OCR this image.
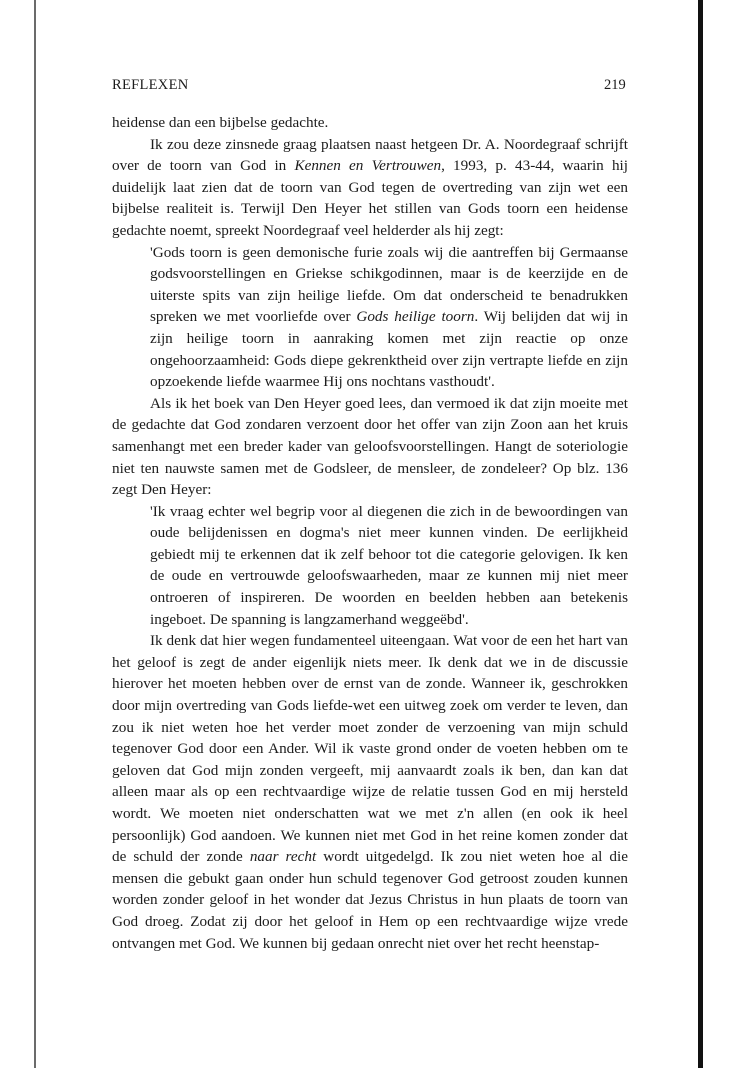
REFLEXEN	219

heidense dan een bijbelse gedachte.

Ik zou deze zinsnede graag plaatsen naast hetgeen Dr. A. Noordegraaf schrijft over de toorn van God in Kennen en Vertrouwen, 1993, p. 43-44, waarin hij duidelijk laat zien dat de toorn van God tegen de overtreding van zijn wet een bijbelse realiteit is. Terwijl Den Heyer het stillen van Gods toorn een heidense gedachte noemt, spreekt Noordegraaf veel helderder als hij zegt:

'Gods toorn is geen demonische furie zoals wij die aantreffen bij Germaanse godsvoorstellingen en Griekse schikgodinnen, maar is de keerzijde en de uiterste spits van zijn heilige liefde. Om dat onderscheid te benadrukken spreken we met voorliefde over Gods heilige toorn. Wij belijden dat wij in zijn heilige toorn in aanraking komen met zijn reactie op onze ongehoorzaamheid: Gods diepe gekrenktheid over zijn vertrapte liefde en zijn opzoekende liefde waarmee Hij ons nochtans vasthoudt'.

Als ik het boek van Den Heyer goed lees, dan vermoed ik dat zijn moeite met de gedachte dat God zondaren verzoent door het offer van zijn Zoon aan het kruis samenhangt met een breder kader van geloofsvoorstellingen. Hangt de soteriologie niet ten nauwste samen met de Godsleer, de mensleer, de zondeleer? Op blz. 136 zegt Den Heyer:

'Ik vraag echter wel begrip voor al diegenen die zich in de bewoordingen van oude belijdenissen en dogma's niet meer kunnen vinden. De eerlijkheid gebiedt mij te erkennen dat ik zelf behoor tot die categorie gelovigen. Ik ken de oude en vertrouwde geloofswaarheden, maar ze kunnen mij niet meer ontroeren of inspireren. De woorden en beelden hebben aan betekenis ingeboet. De spanning is langzamerhand weggeëbd'.

Ik denk dat hier wegen fundamenteel uiteengaan. Wat voor de een het hart van het geloof is zegt de ander eigenlijk niets meer. Ik denk dat we in de discussie hierover het moeten hebben over de ernst van de zonde. Wanneer ik, geschrokken door mijn overtreding van Gods liefde-wet een uitweg zoek om verder te leven, dan zou ik niet weten hoe het verder moet zonder de verzoening van mijn schuld tegenover God door een Ander. Wil ik vaste grond onder de voeten hebben om te geloven dat God mijn zonden vergeeft, mij aanvaardt zoals ik ben, dan kan dat alleen maar als op een rechtvaardige wijze de relatie tussen God en mij hersteld wordt. We moeten niet onderschatten wat we met z'n allen (en ook ik heel persoonlijk) God aandoen. We kunnen niet met God in het reine komen zonder dat de schuld der zonde naar recht wordt uitgedelgd. Ik zou niet weten hoe al die mensen die gebukt gaan onder hun schuld tegenover God getroost zouden kunnen worden zonder geloof in het wonder dat Jezus Christus in hun plaats de toorn van God droeg. Zodat zij door het geloof in Hem op een rechtvaardige wijze vrede ontvangen met God. We kunnen bij gedaan onrecht niet over het recht heenstap-
